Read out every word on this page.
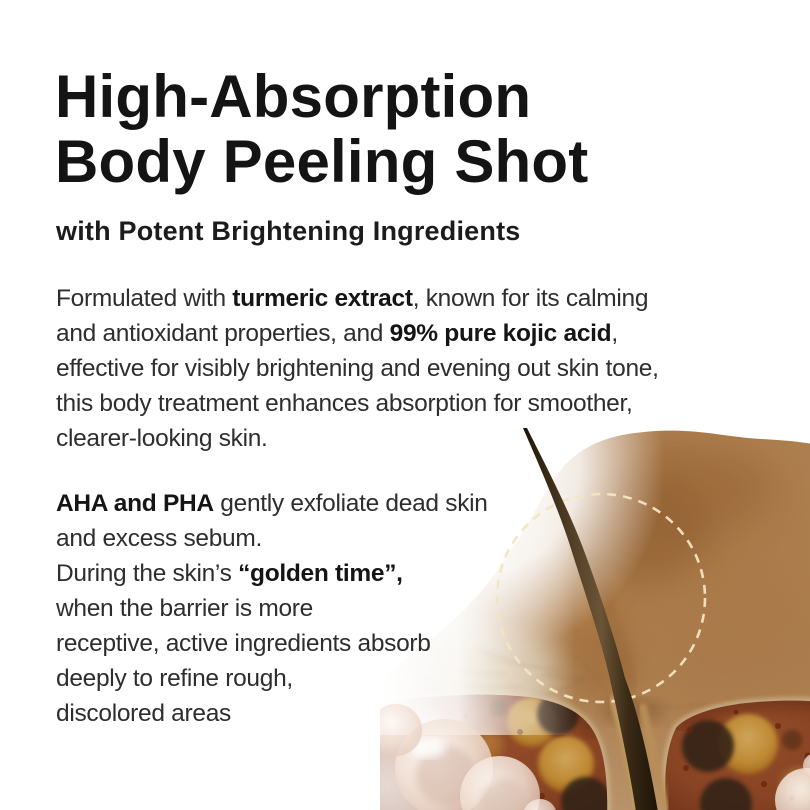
High-Absorption
Body Peeling Shot
with Potent Brightening Ingredients
Formulated with turmeric extract, known for its calming
and antioxidant properties, and 99% pure kojic acid,
effective for visibly brightening and evening out skin tone,
this body treatment enhances absorption for smoother,
clearer-looking skin.
AHA and PHA gently exfoliate dead skin
and excess sebum.
During the skin’s “golden time”,
when the barrier is more
receptive, active ingredients absorb
deeply to refine rough,
discolored areas
